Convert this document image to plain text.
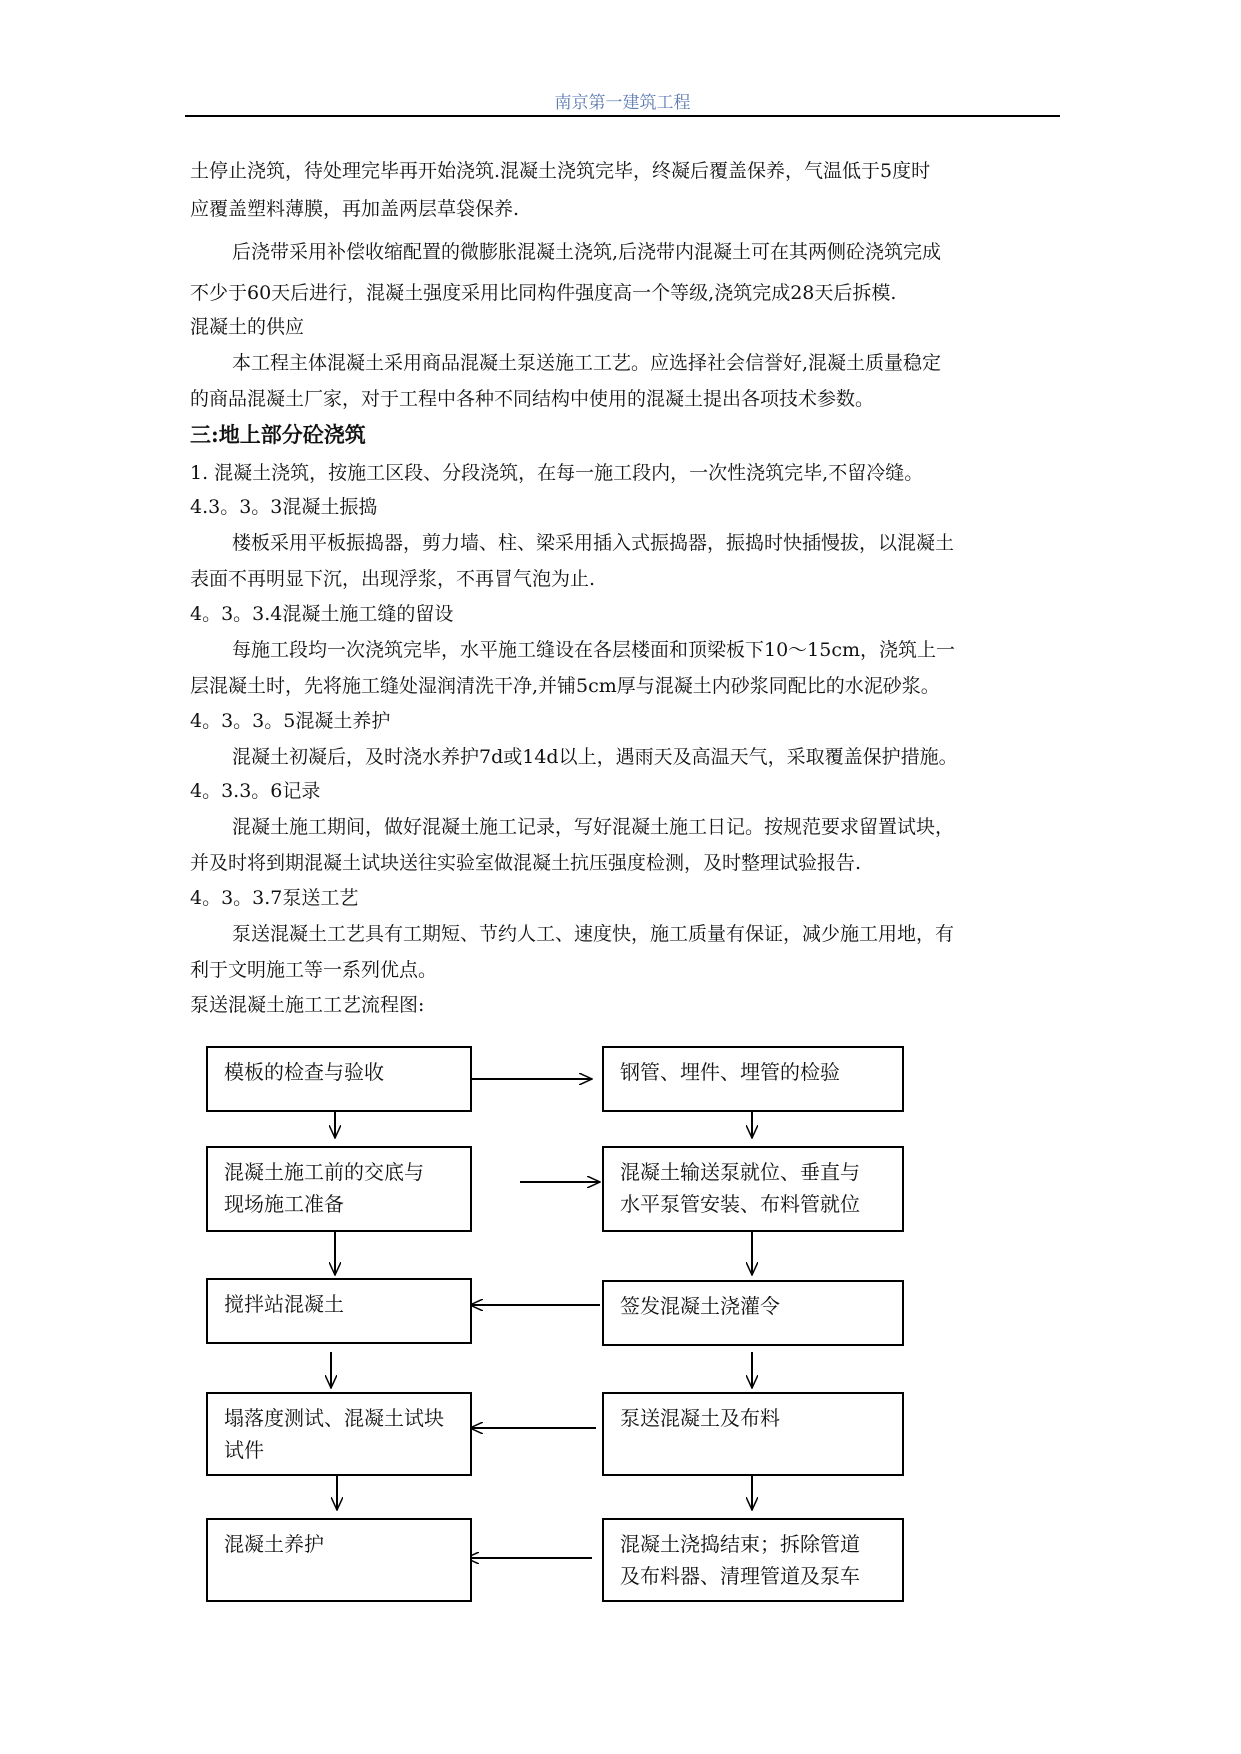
南京第一建筑工程
土停止浇筑，待处理完毕再开始浇筑.混凝土浇筑完毕，终凝后覆盖保养，气温低于5度时
应覆盖塑料薄膜，再加盖两层草袋保养.
后浇带采用补偿收缩配置的微膨胀混凝土浇筑,后浇带内混凝土可在其两侧砼浇筑完成
不少于60天后进行，混凝土强度采用比同构件强度高一个等级,浇筑完成28天后拆模.
混凝土的供应
本工程主体混凝土采用商品混凝土泵送施工工艺。应选择社会信誉好,混凝土质量稳定
的商品混凝土厂家，对于工程中各种不同结构中使用的混凝土提出各项技术参数。
三:地上部分砼浇筑
1. 混凝土浇筑，按施工区段、分段浇筑，在每一施工段内，一次性浇筑完毕,不留冷缝。
4.3。3。3混凝土振捣
楼板采用平板振捣器，剪力墙、柱、梁采用插入式振捣器，振捣时快插慢拔，以混凝土
表面不再明显下沉，出现浮浆，不再冒气泡为止.
4。3。3.4混凝土施工缝的留设
每施工段均一次浇筑完毕，水平施工缝设在各层楼面和顶梁板下10～15cm，浇筑上一
层混凝土时，先将施工缝处湿润清洗干净,并铺5cm厚与混凝土内砂浆同配比的水泥砂浆。
4。3。3。5混凝土养护
混凝土初凝后，及时浇水养护7d或14d以上，遇雨天及高温天气，采取覆盖保护措施。
4。3.3。6记录
混凝土施工期间，做好混凝土施工记录，写好混凝土施工日记。按规范要求留置试块，
并及时将到期混凝土试块送往实验室做混凝土抗压强度检测，及时整理试验报告.
4。3。3.7泵送工艺
泵送混凝土工艺具有工期短、节约人工、速度快，施工质量有保证，减少施工用地，有
利于文明施工等一系列优点。
泵送混凝土施工工艺流程图:
模板的检查与验收
混凝土施工前的交底与
现场施工准备
搅拌站混凝土
塌落度测试、混凝土试块
试件
混凝土养护
钢管、埋件、埋管的检验
混凝土输送泵就位、垂直与
水平泵管安装、布料管就位
签发混凝土浇灌令
泵送混凝土及布料
混凝土浇捣结束；拆除管道
及布料器、清理管道及泵车
